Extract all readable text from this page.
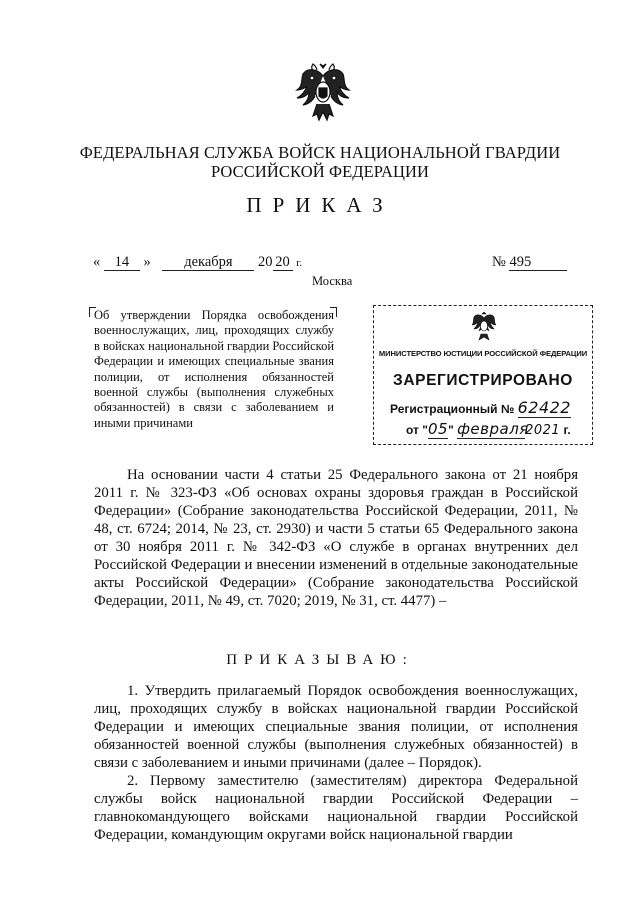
ФЕДЕРАЛЬНАЯ СЛУЖБА ВОЙСК НАЦИОНАЛЬНОЙ ГВАРДИИ
РОССИЙСКОЙ ФЕДЕРАЦИИ
ПРИКАЗ
« 14 » декабря 20 20 г.	№ 495
Москва
Об утверждении Порядка освобождения военнослужащих, лиц, проходящих службу в войсках национальной гвардии Российской Федерации и имеющих специальные звания полиции, от исполнения обязанностей военной службы (выполнения служебных обязанностей) в связи с заболеванием и иными причинами
МИНИСТЕРСТВО ЮСТИЦИИ РОССИЙСКОЙ ФЕДЕРАЦИИ
ЗАРЕГИСТРИРОВАНО
Регистрационный № 62422
от "05" февраля2021 г.

На основании части 4 статьи 25 Федерального закона от 21 ноября 2011 г. № 323-ФЗ «Об основах охраны здоровья граждан в Российской Федерации» (Собрание законодательства Российской Федерации, 2011, № 48, ст. 6724; 2014, № 23, ст. 2930) и части 5 статьи 65 Федерального закона от 30 ноября 2011 г. № 342-ФЗ «О службе в органах внутренних дел Российской Федерации и внесении изменений в отдельные законодательные акты Российской Федерации» (Собрание законодательства Российской Федерации, 2011, № 49, ст. 7020; 2019, № 31, ст. 4477) –

ПРИКАЗЫВАЮ:

1. Утвердить прилагаемый Порядок освобождения военнослужащих, лиц, проходящих службу в войсках национальной гвардии Российской Федерации и имеющих специальные звания полиции, от исполнения обязанностей военной службы (выполнения служебных обязанностей) в связи с заболеванием и иными причинами (далее – Порядок).

2. Первому заместителю (заместителям) директора Федеральной службы войск национальной гвардии Российской Федерации – главнокомандующего войсками национальной гвардии Российской Федерации, командующим округами войск национальной гвардии
